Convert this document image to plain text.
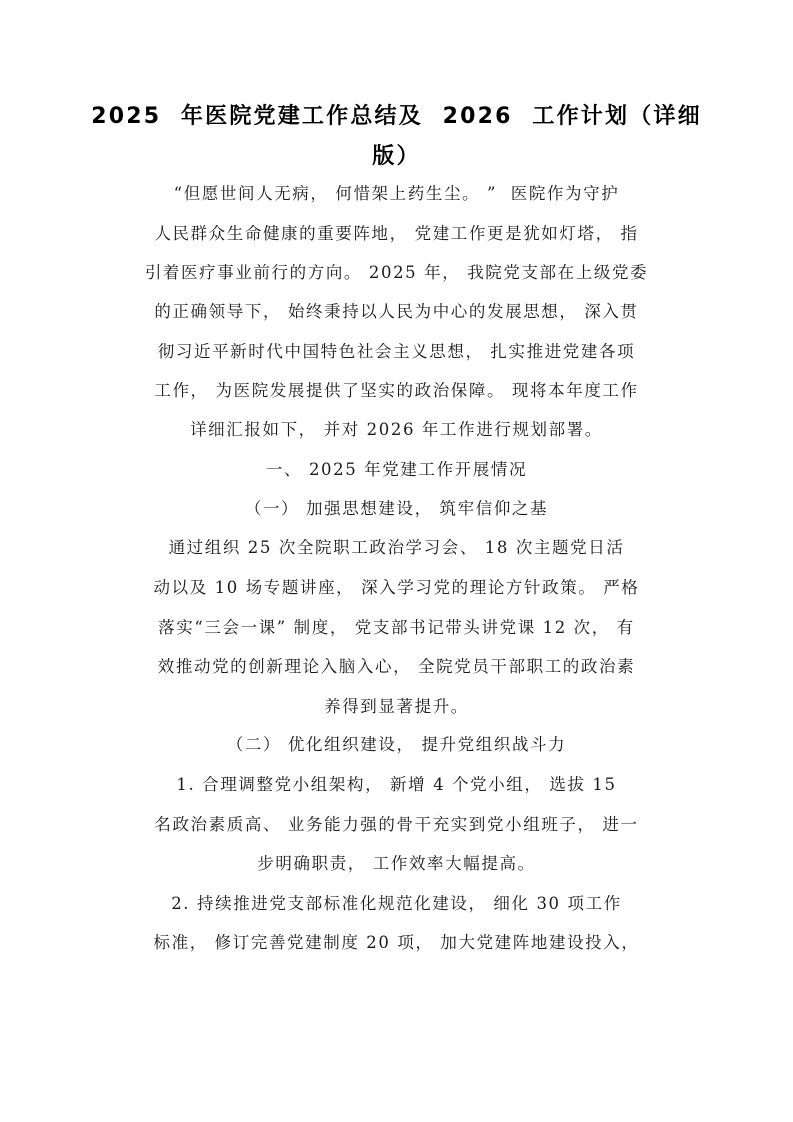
2025  年医院党建工作总结及  2026  工作计划（详细
版）
“但愿世间人无病， 何惜架上药生尘。 ”  医院作为守护
人民群众生命健康的重要阵地， 党建工作更是犹如灯塔， 指
引着医疗事业前行的方向。 2025 年， 我院党支部在上级党委
的正确领导下， 始终秉持以人民为中心的发展思想， 深入贯
彻习近平新时代中国特色社会主义思想， 扎实推进党建各项
工作， 为医院发展提供了坚实的政治保障。 现将本年度工作
详细汇报如下， 并对 2026 年工作进行规划部署。
一、 2025 年党建工作开展情况
（一） 加强思想建设， 筑牢信仰之基
通过组织 25 次全院职工政治学习会、 18 次主题党日活
动以及 10 场专题讲座， 深入学习党的理论方针政策。 严格
落实“三会一课” 制度， 党支部书记带头讲党课 12 次， 有
效推动党的创新理论入脑入心， 全院党员干部职工的政治素
养得到显著提升。
（二） 优化组织建设， 提升党组织战斗力
1. 合理调整党小组架构， 新增 4 个党小组， 选拔 15
名政治素质高、 业务能力强的骨干充实到党小组班子， 进一
步明确职责， 工作效率大幅提高。
2. 持续推进党支部标准化规范化建设， 细化 30 项工作
标准， 修订完善党建制度 20 项， 加大党建阵地建设投入，
